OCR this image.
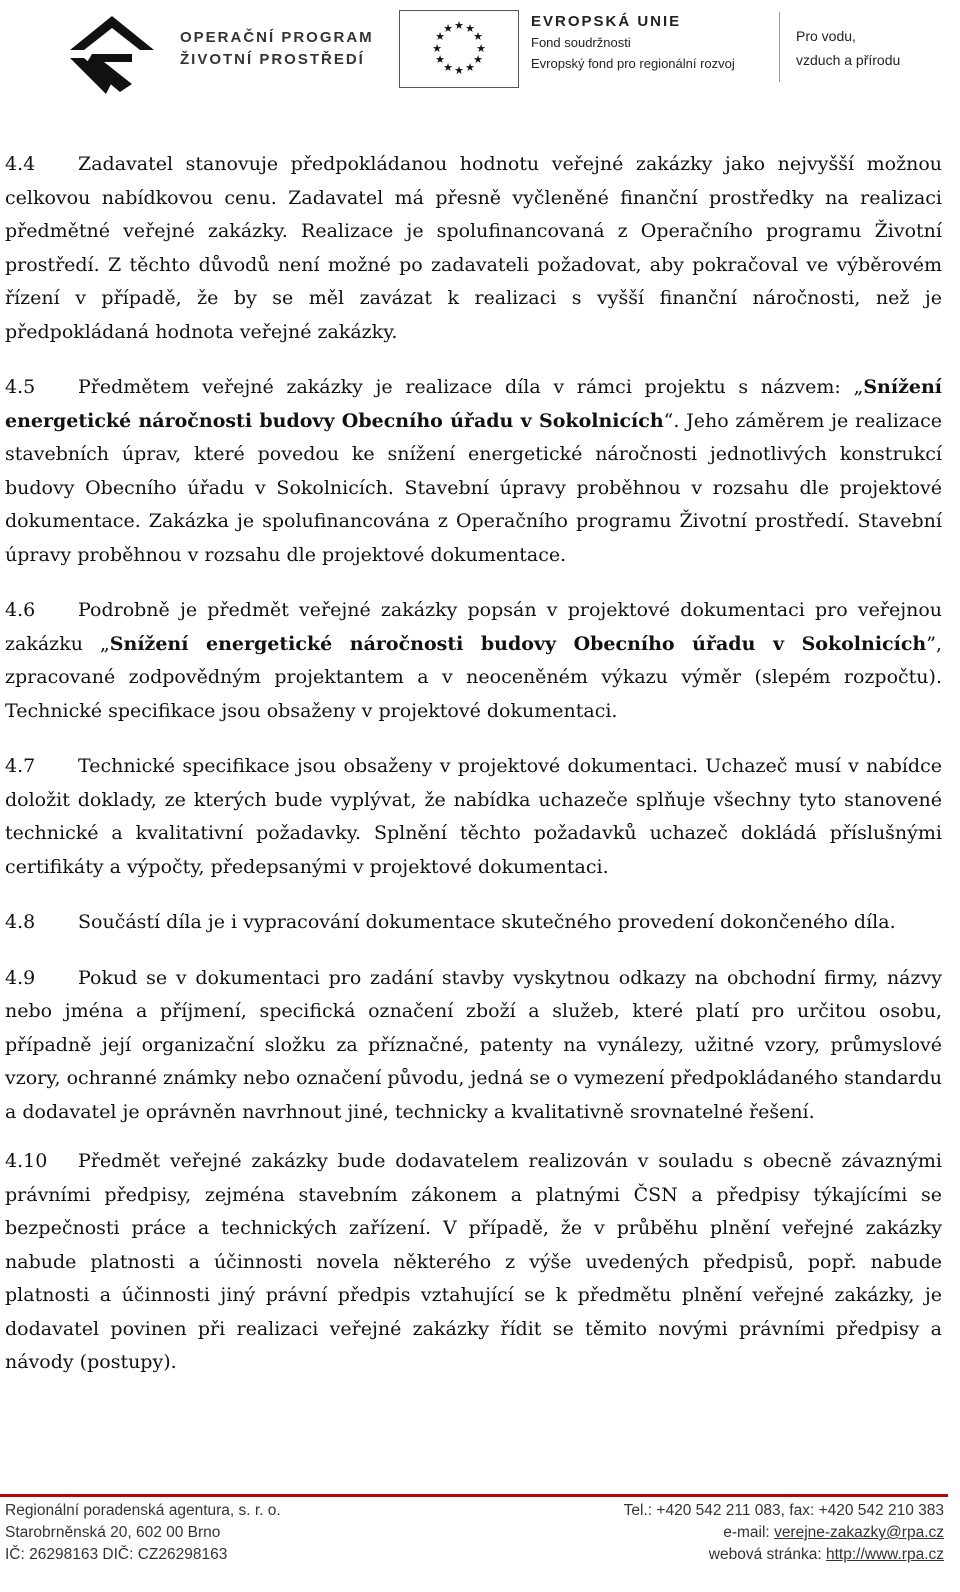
OPERAČNÍ PROGRAM
ŽIVOTNÍ PROSTŘEDÍ
★ ★
★
★
★
★
★
★
★
★
★
★	EVROPSKÁ UNIE
Fond soudržnosti
Evropský fond pro regionální rozvoj
Pro vodu,
vzduch a přírodu

4.4 Zadavatel stanovuje předpokládanou hodnotu veřejné zakázky jako nejvyšší možnou celkovou nabídkovou cenu. Zadavatel má přesně vyčleněné finanční prostředky na realizaci předmětné veřejné zakázky. Realizace je spolufinancovaná z Operačního programu Životní prostředí. Z těchto důvodů není možné po zadavateli požadovat, aby pokračoval ve výběrovém řízení v případě, že by se měl zavázat k realizaci s vyšší finanční náročnosti, než je předpokládaná hodnota veřejné zakázky.

4.5 Předmětem veřejné zakázky je realizace díla v rámci projektu s názvem: „Snížení energetické náročnosti budovy Obecního úřadu v Sokolnicích“. Jeho záměrem je realizace stavebních úprav, které povedou ke snížení energetické náročnosti jednotlivých konstrukcí budovy Obecního úřadu v Sokolnicích. Stavební úpravy proběhnou v rozsahu dle projektové dokumentace. Zakázka je spolufinancována z Operačního programu Životní prostředí. Stavební úpravy proběhnou v rozsahu dle projektové dokumentace.

4.6 Podrobně je předmět veřejné zakázky popsán v projektové dokumentaci pro veřejnou zakázku „Snížení energetické náročnosti budovy Obecního úřadu v Sokolnicích”, zpracované zodpovědným projektantem a v neoceněném výkazu výměr (slepém rozpočtu). Technické specifikace jsou obsaženy v projektové dokumentaci.

4.7 Technické specifikace jsou obsaženy v projektové dokumentaci. Uchazeč musí v nabídce doložit doklady, ze kterých bude vyplývat, že nabídka uchazeče splňuje všechny tyto stanovené technické a kvalitativní požadavky. Splnění těchto požadavků uchazeč dokládá příslušnými certifikáty a výpočty, předepsanými v projektové dokumentaci.

4.8 Součástí díla je i vypracování dokumentace skutečného provedení dokončeného díla.

4.9 Pokud se v dokumentaci pro zadání stavby vyskytnou odkazy na obchodní firmy, názvy nebo jména a příjmení, specifická označení zboží a služeb, které platí pro určitou osobu, případně její organizační složku za příznačné, patenty na vynálezy, užitné vzory, průmyslové vzory, ochranné známky nebo označení původu, jedná se o vymezení předpokládaného standardu a dodavatel je oprávněn navrhnout jiné, technicky a kvalitativně srovnatelné řešení.

4.10 Předmět veřejné zakázky bude dodavatelem realizován v souladu s obecně závaznými právními předpisy, zejména stavebním zákonem a platnými ČSN a předpisy týkajícími se bezpečnosti práce a technických zařízení. V případě, že v průběhu plnění veřejné zakázky nabude platnosti a účinnosti novela některého z výše uvedených předpisů, popř. nabude platnosti a účinnosti jiný právní předpis vztahující se k předmětu plnění veřejné zakázky, je dodavatel povinen při realizaci veřejné zakázky řídit se těmito novými právními předpisy a návody (postupy).

Regionální poradenská agentura, s. r. o.
Starobrněnská 20, 602 00 Brno
IČ: 26298163 DIČ: CZ26298163
Tel.: +420 542 211 083, fax: +420 542 210 383
e-mail: verejne-zakazky@rpa.cz
webová stránka: http://www.rpa.cz
